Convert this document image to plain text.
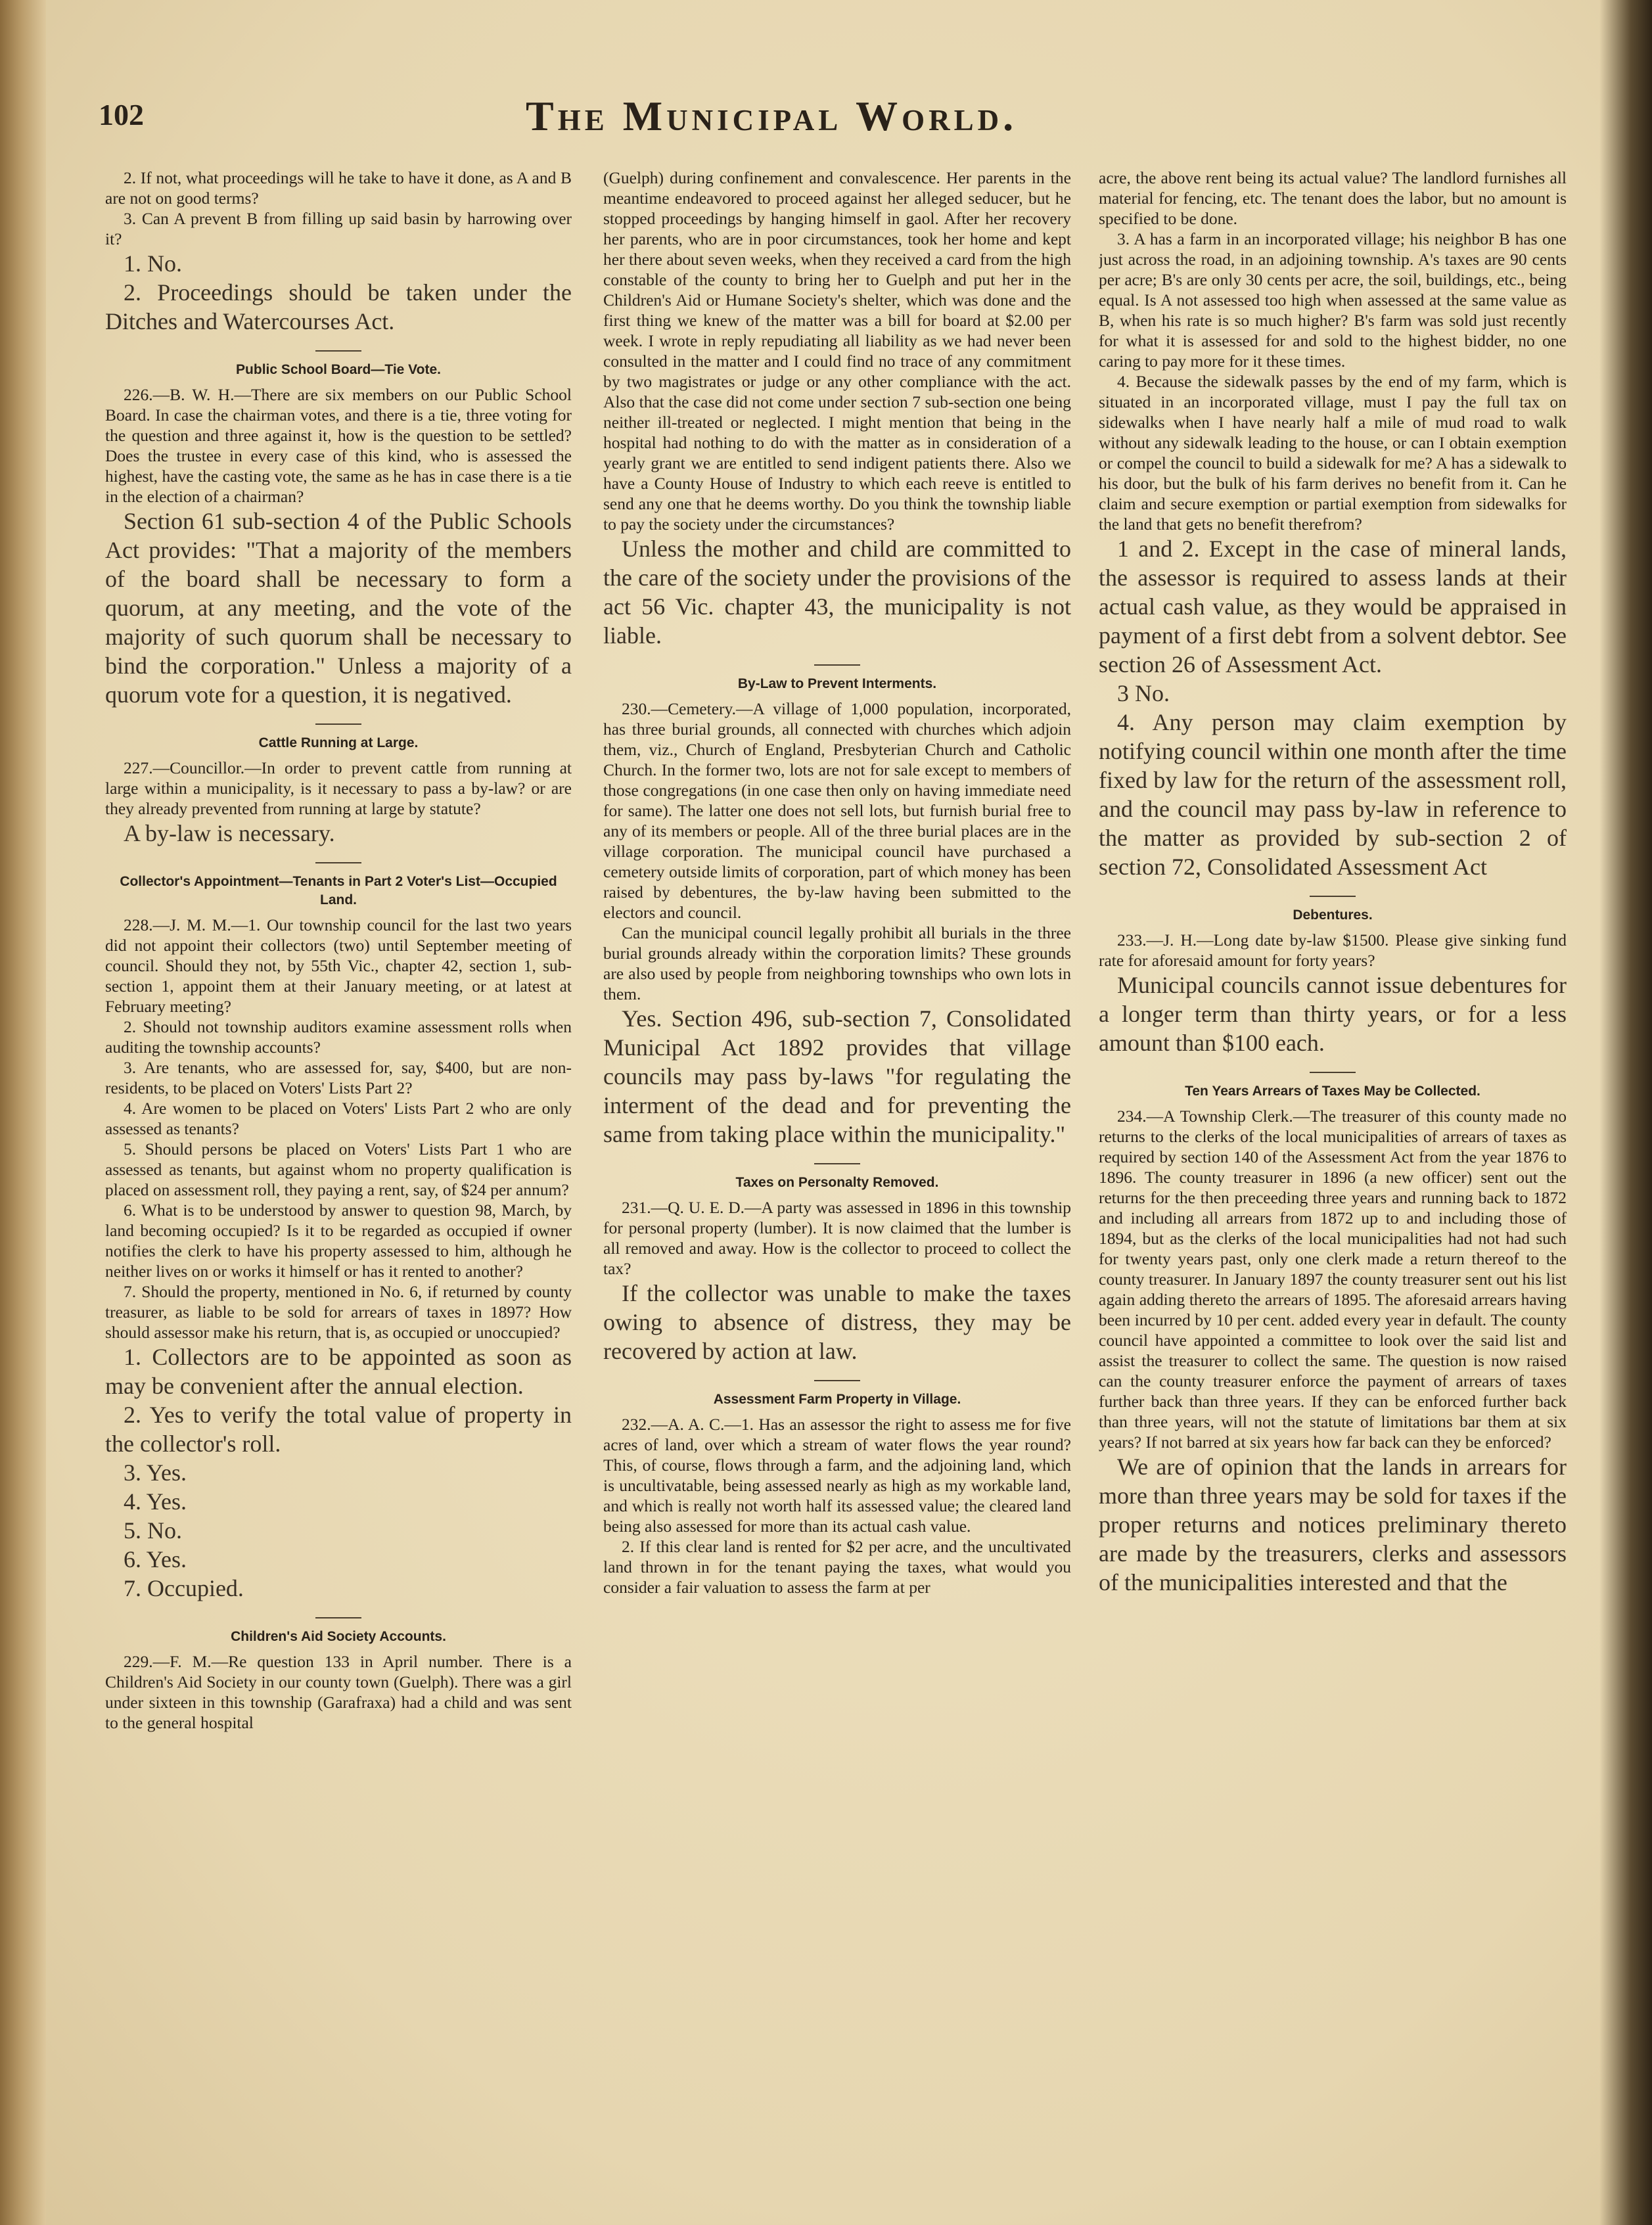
102	The Municipal World.

2. If not, what proceedings will he take to have it done, as A and B are not on good terms?

3. Can A prevent B from filling up said basin by harrowing over it?

1. No.

2. Proceedings should be taken under the Ditches and Watercourses Act.

Public School Board—Tie Vote.

226.—B. W. H.—There are six members on our Public School Board. In case the chairman votes, and there is a tie, three voting for the question and three against it, how is the question to be settled? Does the trustee in every case of this kind, who is assessed the highest, have the casting vote, the same as he has in case there is a tie in the election of a chairman?

Section 61 sub-section 4 of the Public Schools Act provides: "That a majority of the members of the board shall be necessary to form a quorum, at any meeting, and the vote of the majority of such quorum shall be necessary to bind the corporation." Unless a majority of a quorum vote for a question, it is negatived.

Cattle Running at Large.

227.—Councillor.—In order to prevent cattle from running at large within a municipality, is it necessary to pass a by-law? or are they already prevented from running at large by statute?

A by-law is necessary.

Collector's Appointment—Tenants in Part 2 Voter's List—Occupied Land.

228.—J. M. M.—1. Our township council for the last two years did not appoint their collectors (two) until September meeting of council. Should they not, by 55th Vic., chapter 42, section 1, sub-section 1, appoint them at their January meeting, or at latest at February meeting?

2. Should not township auditors examine assessment rolls when auditing the township accounts?

3. Are tenants, who are assessed for, say, $400, but are non-residents, to be placed on Voters' Lists Part 2?

4. Are women to be placed on Voters' Lists Part 2 who are only assessed as tenants?

5. Should persons be placed on Voters' Lists Part 1 who are assessed as tenants, but against whom no property qualification is placed on assessment roll, they paying a rent, say, of $24 per annum?

6. What is to be understood by answer to question 98, March, by land becoming occupied? Is it to be regarded as occupied if owner notifies the clerk to have his property assessed to him, although he neither lives on or works it himself or has it rented to another?

7. Should the property, mentioned in No. 6, if returned by county treasurer, as liable to be sold for arrears of taxes in 1897? How should assessor make his return, that is, as occupied or unoccupied?

1. Collectors are to be appointed as soon as may be convenient after the annual election.

2. Yes to verify the total value of property in the collector's roll.

3. Yes.

4. Yes.

5. No.

6. Yes.

7. Occupied.

Children's Aid Society Accounts.

229.—F. M.—Re question 133 in April number. There is a Children's Aid Society in our county town (Guelph). There was a girl under sixteen in this township (Garafraxa) had a child and was sent to the general hospital

(Guelph) during confinement and convalescence. Her parents in the meantime endeavored to proceed against her alleged seducer, but he stopped proceedings by hanging himself in gaol. After her recovery her parents, who are in poor circumstances, took her home and kept her there about seven weeks, when they received a card from the high constable of the county to bring her to Guelph and put her in the Children's Aid or Humane Society's shelter, which was done and the first thing we knew of the matter was a bill for board at $2.00 per week. I wrote in reply repudiating all liability as we had never been consulted in the matter and I could find no trace of any commitment by two magistrates or judge or any other compliance with the act. Also that the case did not come under section 7 sub-section one being neither ill-treated or neglected. I might mention that being in the hospital had nothing to do with the matter as in consideration of a yearly grant we are entitled to send indigent patients there. Also we have a County House of Industry to which each reeve is entitled to send any one that he deems worthy. Do you think the township liable to pay the society under the circumstances?

Unless the mother and child are committed to the care of the society under the provisions of the act 56 Vic. chapter 43, the municipality is not liable.

By-Law to Prevent Interments.

230.—Cemetery.—A village of 1,000 population, incorporated, has three burial grounds, all connected with churches which adjoin them, viz., Church of England, Presbyterian Church and Catholic Church. In the former two, lots are not for sale except to members of those congregations (in one case then only on having immediate need for same). The latter one does not sell lots, but furnish burial free to any of its members or people. All of the three burial places are in the village corporation. The municipal council have purchased a cemetery outside limits of corporation, part of which money has been raised by debentures, the by-law having been submitted to the electors and council.

Can the municipal council legally prohibit all burials in the three burial grounds already within the corporation limits? These grounds are also used by people from neighboring townships who own lots in them.

Yes. Section 496, sub-section 7, Consolidated Municipal Act 1892 provides that village councils may pass by-laws "for regulating the interment of the dead and for preventing the same from taking place within the municipality."

Taxes on Personalty Removed.

231.—Q. U. E. D.—A party was assessed in 1896 in this township for personal property (lumber). It is now claimed that the lumber is all removed and away. How is the collector to proceed to collect the tax?

If the collector was unable to make the taxes owing to absence of distress, they may be recovered by action at law.

Assessment Farm Property in Village.

232.—A. A. C.—1. Has an assessor the right to assess me for five acres of land, over which a stream of water flows the year round? This, of course, flows through a farm, and the adjoining land, which is uncultivatable, being assessed nearly as high as my workable land, and which is really not worth half its assessed value; the cleared land being also assessed for more than its actual cash value.

2. If this clear land is rented for $2 per acre, and the uncultivated land thrown in for the tenant paying the taxes, what would you consider a fair valuation to assess the farm at per

acre, the above rent being its actual value? The landlord furnishes all material for fencing, etc. The tenant does the labor, but no amount is specified to be done.

3. A has a farm in an incorporated village; his neighbor B has one just across the road, in an adjoining township. A's taxes are 90 cents per acre; B's are only 30 cents per acre, the soil, buildings, etc., being equal. Is A not assessed too high when assessed at the same value as B, when his rate is so much higher? B's farm was sold just recently for what it is assessed for and sold to the highest bidder, no one caring to pay more for it these times.

4. Because the sidewalk passes by the end of my farm, which is situated in an incorporated village, must I pay the full tax on sidewalks when I have nearly half a mile of mud road to walk without any sidewalk leading to the house, or can I obtain exemption or compel the council to build a sidewalk for me? A has a sidewalk to his door, but the bulk of his farm derives no benefit from it. Can he claim and secure exemption or partial exemption from sidewalks for the land that gets no benefit therefrom?

1 and 2. Except in the case of mineral lands, the assessor is required to assess lands at their actual cash value, as they would be appraised in payment of a first debt from a solvent debtor. See section 26 of Assessment Act.

3 No.

4. Any person may claim exemption by notifying council within one month after the time fixed by law for the return of the assessment roll, and the council may pass by-law in reference to the matter as provided by sub-section 2 of section 72, Consolidated Assessment Act

Debentures.

233.—J. H.—Long date by-law $1500. Please give sinking fund rate for aforesaid amount for forty years?

Municipal councils cannot issue debentures for a longer term than thirty years, or for a less amount than $100 each.

Ten Years Arrears of Taxes May be Collected.

234.—A Township Clerk.—The treasurer of this county made no returns to the clerks of the local municipalities of arrears of taxes as required by section 140 of the Assessment Act from the year 1876 to 1896. The county treasurer in 1896 (a new officer) sent out the returns for the then preceeding three years and running back to 1872 and including all arrears from 1872 up to and including those of 1894, but as the clerks of the local municipalities had not had such for twenty years past, only one clerk made a return thereof to the county treasurer. In January 1897 the county treasurer sent out his list again adding thereto the arrears of 1895. The aforesaid arrears having been incurred by 10 per cent. added every year in default. The county council have appointed a committee to look over the said list and assist the treasurer to collect the same. The question is now raised can the county treasurer enforce the payment of arrears of taxes further back than three years. If they can be enforced further back than three years, will not the statute of limitations bar them at six years? If not barred at six years how far back can they be enforced?

We are of opinion that the lands in arrears for more than three years may be sold for taxes if the proper returns and notices preliminary thereto are made by the treasurers, clerks and assessors of the municipalities interested and that the
